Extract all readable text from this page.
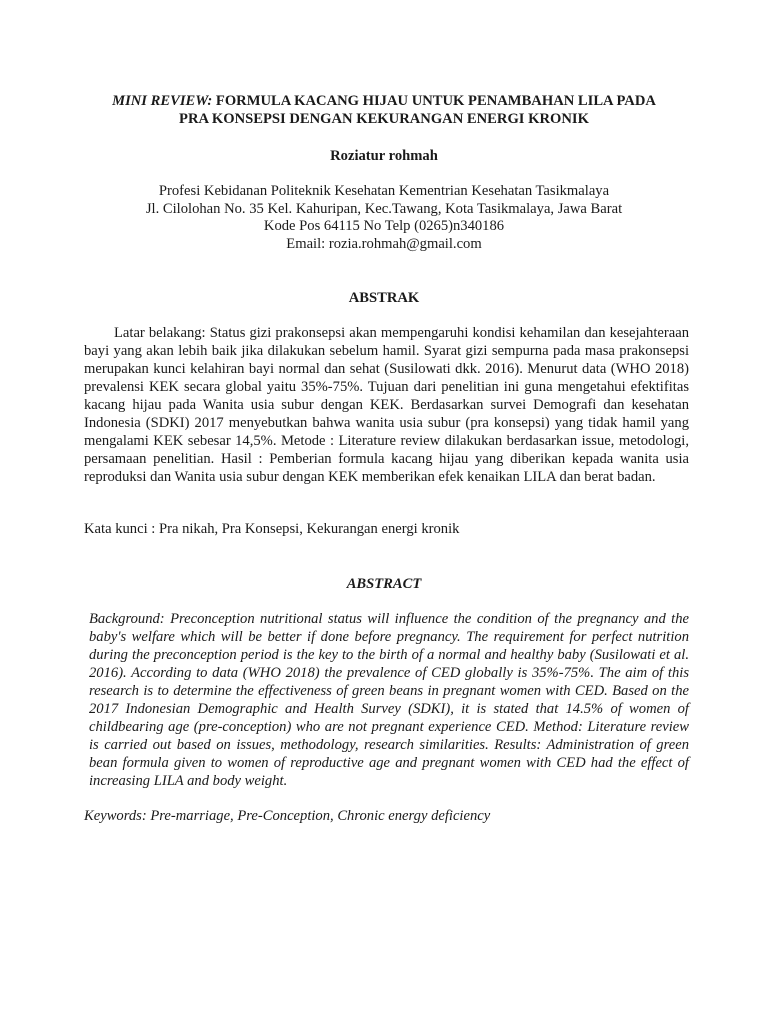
MINI REVIEW: FORMULA KACANG HIJAU UNTUK PENAMBAHAN LILA PADA
PRA KONSEPSI DENGAN KEKURANGAN ENERGI KRONIK

Roziatur rohmah

Profesi Kebidanan Politeknik Kesehatan Kementrian Kesehatan Tasikmalaya
Jl. Cilolohan No. 35 Kel. Kahuripan, Kec.Tawang, Kota Tasikmalaya, Jawa Barat
Kode Pos 64115 No Telp (0265)n340186
Email: rozia.rohmah@gmail.com
ABSTRAK

Latar belakang: Status gizi prakonsepsi akan mempengaruhi kondisi kehamilan dan kesejahteraan bayi yang akan lebih baik jika dilakukan sebelum hamil. Syarat gizi sempurna pada masa prakonsepsi merupakan kunci kelahiran bayi normal dan sehat (Susilowati dkk. 2016). Menurut data (WHO 2018) prevalensi KEK secara global yaitu 35%-75%. Tujuan dari penelitian ini guna mengetahui efektifitas kacang hijau pada Wanita usia subur dengan KEK. Berdasarkan survei Demografi dan kesehatan Indonesia (SDKI) 2017 menyebutkan bahwa wanita usia subur (pra konsepsi) yang tidak hamil yang mengalami KEK sebesar 14,5%. Metode : Literature review dilakukan berdasarkan issue, metodologi, persamaan penelitian. Hasil : Pemberian formula kacang hijau yang diberikan kepada wanita usia reproduksi dan Wanita usia subur dengan KEK memberikan efek kenaikan LILA dan berat badan.

Kata kunci : Pra nikah, Pra Konsepsi, Kekurangan energi kronik

ABSTRACT

Background: Preconception nutritional status will influence the condition of the pregnancy and the baby's welfare which will be better if done before pregnancy. The requirement for perfect nutrition during the preconception period is the key to the birth of a normal and healthy baby (Susilowati et al. 2016). According to data (WHO 2018) the prevalence of CED globally is 35%-75%. The aim of this research is to determine the effectiveness of green beans in pregnant women with CED. Based on the 2017 Indonesian Demographic and Health Survey (SDKI), it is stated that 14.5% of women of childbearing age (pre-conception) who are not pregnant experience CED. Method: Literature review is carried out based on issues, methodology, research similarities. Results: Administration of green bean formula given to women of reproductive age and pregnant women with CED had the effect of increasing LILA and body weight.

Keywords: Pre-marriage, Pre-Conception, Chronic energy deficiency
